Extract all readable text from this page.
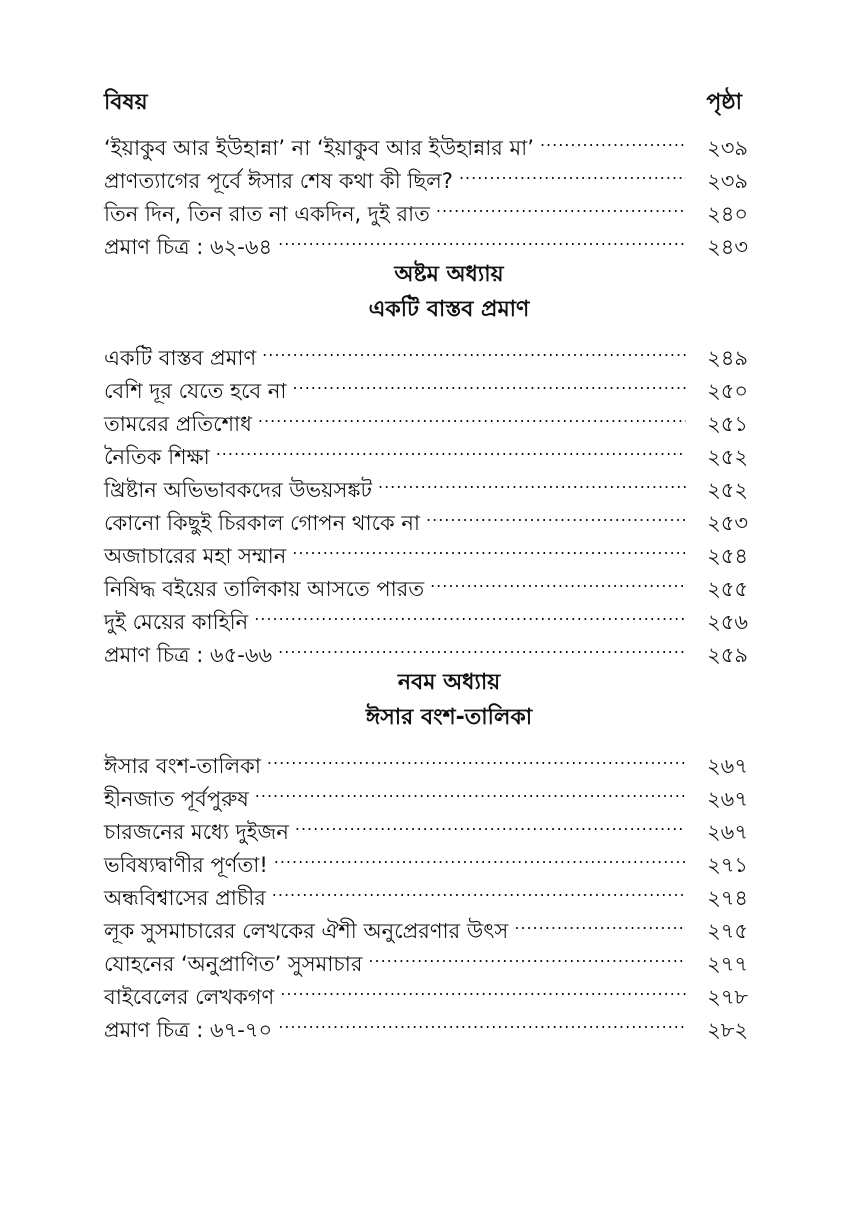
বিষয়	পৃষ্ঠা
‘ইয়াকুব আর ইউহান্না’ না ‘ইয়াকুব আর ইউহান্নার মা’ .....	২৩৯
প্রাণত্যাগের পূর্বে ঈসার শেষ কথা কী ছিল? .....	২৩৯
তিন দিন, তিন রাত না একদিন, দুই রাত .....	২৪০
প্রমাণ চিত্র : ৬২-৬৪ .....	২৪৩
অষ্টম অধ্যায়
একটি বাস্তব প্রমাণ
একটি বাস্তব প্রমাণ .....	২৪৯
বেশি দূর যেতে হবে না .....	২৫০
তামরের প্রতিশোধ .....	২৫১
নৈতিক শিক্ষা .....	২৫২
খ্রিষ্টান অভিভাবকদের উভয়সঙ্কট .....	২৫২
কোনো কিছুই চিরকাল গোপন থাকে না .....	২৫৩
অজাচারের মহা সম্মান .....	২৫৪
নিষিদ্ধ বইয়ের তালিকায় আসতে পারত .....	২৫৫
দুই মেয়ের কাহিনি .....	২৫৬
প্রমাণ চিত্র : ৬৫-৬৬ .....	২৫৯
নবম অধ্যায়
ঈসার বংশ-তালিকা
ঈসার বংশ-তালিকা .....	২৬৭
হীনজাত পূর্বপুরুষ .....	২৬৭
চারজনের মধ্যে দুইজন .....	২৬৭
ভবিষ্যদ্বাণীর পূর্ণতা! .....	২৭১
অন্ধবিশ্বাসের প্রাচীর .....	২৭৪
লূক সুসমাচারের লেখকের ঐশী অনুপ্রেরণার উৎস .....	২৭৫
যোহনের ‘অনুপ্রাণিত’ সুসমাচার .....	২৭৭
বাইবেলের লেখকগণ .....	২৭৮
প্রমাণ চিত্র : ৬৭-৭০ .....	২৮২
